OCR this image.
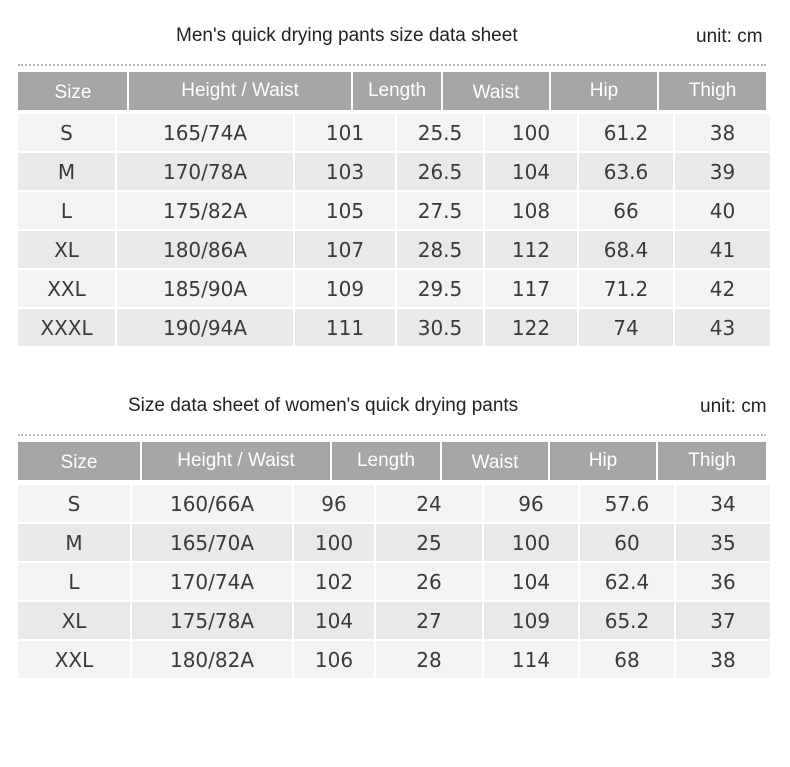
Men's quick drying pants size data sheet	unit: cm
Size	Height / Waist	Length	Waist	Hip	Thigh
S	165/74A	101	25.5	100	61.2	38
M	170/78A	103	26.5	104	63.6	39
L	175/82A	105	27.5	108	66	40
XL	180/86A	107	28.5	112	68.4	41
XXL	185/90A	109	29.5	117	71.2	42
XXXL	190/94A	111	30.5	122	74	43
Size data sheet of women's quick drying pants	unit: cm
Size	Height / Waist	Length	Waist	Hip	Thigh
S	160/66A	96	24	96	57.6	34
M	165/70A	100	25	100	60	35
L	170/74A	102	26	104	62.4	36
XL	175/78A	104	27	109	65.2	37
XXL	180/82A	106	28	114	68	38
